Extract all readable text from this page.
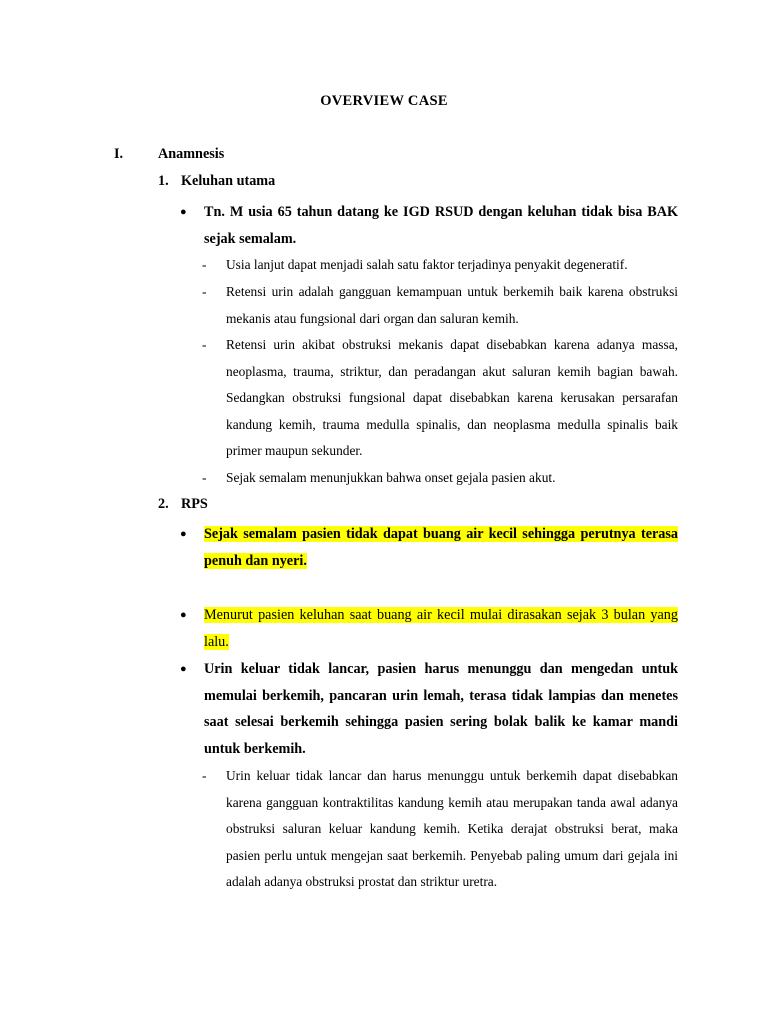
OVERVIEW CASE
I. Anamnesis
1. Keluhan utama
● Tn. M usia 65 tahun datang ke IGD RSUD dengan keluhan tidak bisa BAK sejak semalam.
- Usia lanjut dapat menjadi salah satu faktor terjadinya penyakit degeneratif.
- Retensi urin adalah gangguan kemampuan untuk berkemih baik karena obstruksi mekanis atau fungsional dari organ dan saluran kemih.
- Retensi urin akibat obstruksi mekanis dapat disebabkan karena adanya massa, neoplasma, trauma, striktur, dan peradangan akut saluran kemih bagian bawah. Sedangkan obstruksi fungsional dapat disebabkan karena kerusakan persarafan kandung kemih, trauma medulla spinalis, dan neoplasma medulla spinalis baik primer maupun sekunder.
- Sejak semalam menunjukkan bahwa onset gejala pasien akut.
2. RPS
● Sejak semalam pasien tidak dapat buang air kecil sehingga perutnya terasa penuh dan nyeri.
● Menurut pasien keluhan saat buang air kecil mulai dirasakan sejak 3 bulan yang lalu.
● Urin keluar tidak lancar, pasien harus menunggu dan mengedan untuk memulai berkemih, pancaran urin lemah, terasa tidak lampias dan menetes saat selesai berkemih sehingga pasien sering bolak balik ke kamar mandi untuk berkemih.
- Urin keluar tidak lancar dan harus menunggu untuk berkemih dapat disebabkan karena gangguan kontraktilitas kandung kemih atau merupakan tanda awal adanya obstruksi saluran keluar kandung kemih. Ketika derajat obstruksi berat, maka pasien perlu untuk mengejan saat berkemih. Penyebab paling umum dari gejala ini adalah adanya obstruksi prostat dan striktur uretra.
